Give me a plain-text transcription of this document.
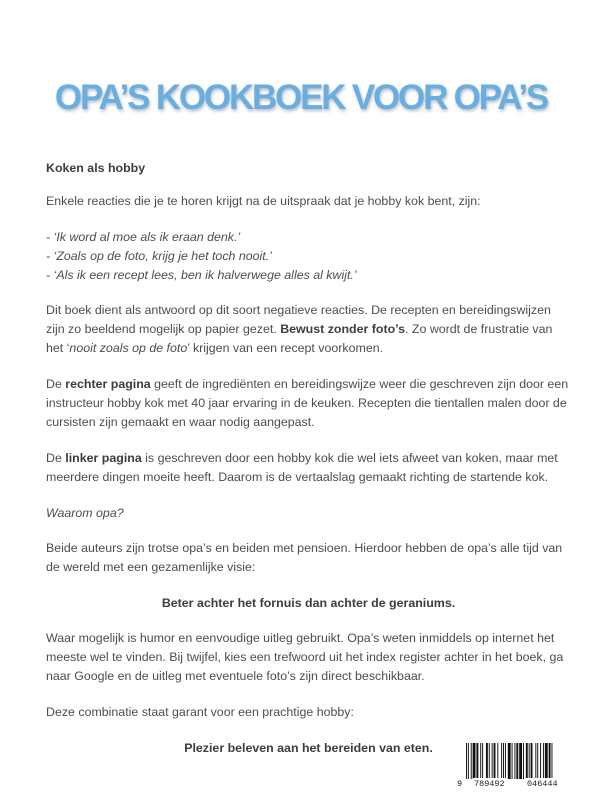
OPA’S KOOKBOEK VOOR OPA’S

Koken als hobby

Enkele reacties die je te horen krijgt na de uitspraak dat je hobby kok bent, zijn:

- ‘Ik word al moe als ik eraan denk.’

- ‘Zoals op de foto, krijg je het toch nooit.’

- ‘Als ik een recept lees, ben ik halverwege alles al kwijt.’

Dit boek dient als antwoord op dit soort negatieve reacties. De recepten en bereidingswijzen zijn zo beeldend mogelijk op papier gezet. Bewust zonder foto’s. Zo wordt de frustratie van het ‘nooit zoals op de foto’ krijgen van een recept voorkomen.

De rechter pagina geeft de ingrediënten en bereidingswijze weer die geschreven zijn door een instructeur hobby kok met 40 jaar ervaring in de keuken. Recepten die tientallen malen door de cursisten zijn gemaakt en waar nodig aangepast.

De linker pagina is geschreven door een hobby kok die wel iets afweet van koken, maar met meerdere dingen moeite heeft. Daarom is de vertaalslag gemaakt richting de startende kok.

Waarom opa?

Beide auteurs zijn trotse opa’s en beiden met pensioen. Hierdoor hebben de opa’s alle tijd van de wereld met een gezamenlijke visie:

Beter achter het fornuis dan achter de geraniums.

Waar mogelijk is humor en eenvoudige uitleg gebruikt. Opa’s weten inmiddels op internet het meeste wel te vinden. Bij twijfel, kies een trefwoord uit het index register achter in het boek, ga naar Google en de uitleg met eventuele foto’s zijn direct beschikbaar.

Deze combinatie staat garant voor een prachtige hobby:

Plezier beleven aan het bereiden van eten.

9 789492	046444
